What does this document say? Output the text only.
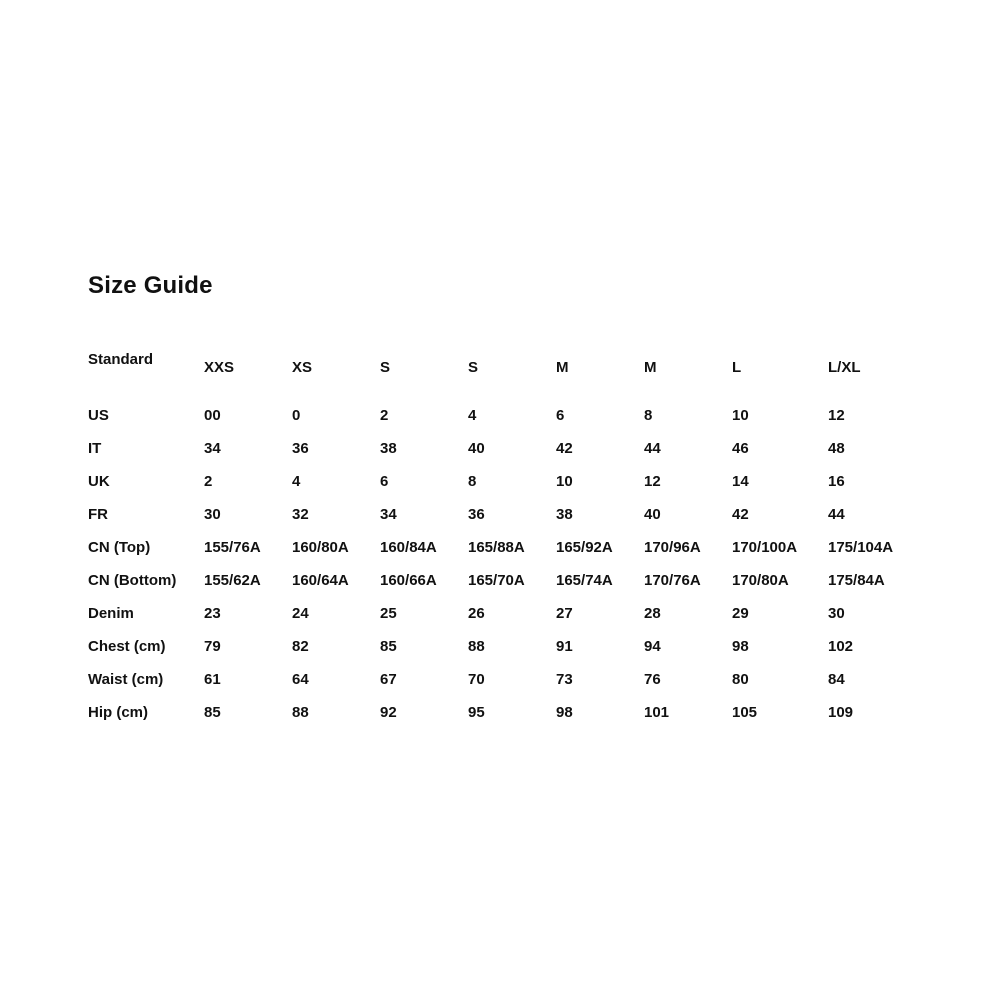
Size Guide
Standard	XXS	XS	S	S	M	M	L	L/XL
US	00	0	2	4	6	8	10	12
IT	34	36	38	40	42	44	46	48
UK	2	4	6	8	10	12	14	16
FR	30	32	34	36	38	40	42	44
CN (Top)	155/76A	160/80A	160/84A	165/88A	165/92A	170/96A	170/100A	175/104A
CN (Bottom)	155/62A	160/64A	160/66A	165/70A	165/74A	170/76A	170/80A	175/84A
Denim	23	24	25	26	27	28	29	30
Chest (cm)	79	82	85	88	91	94	98	102
Waist (cm)	61	64	67	70	73	76	80	84
Hip (cm)	85	88	92	95	98	101	105	109
